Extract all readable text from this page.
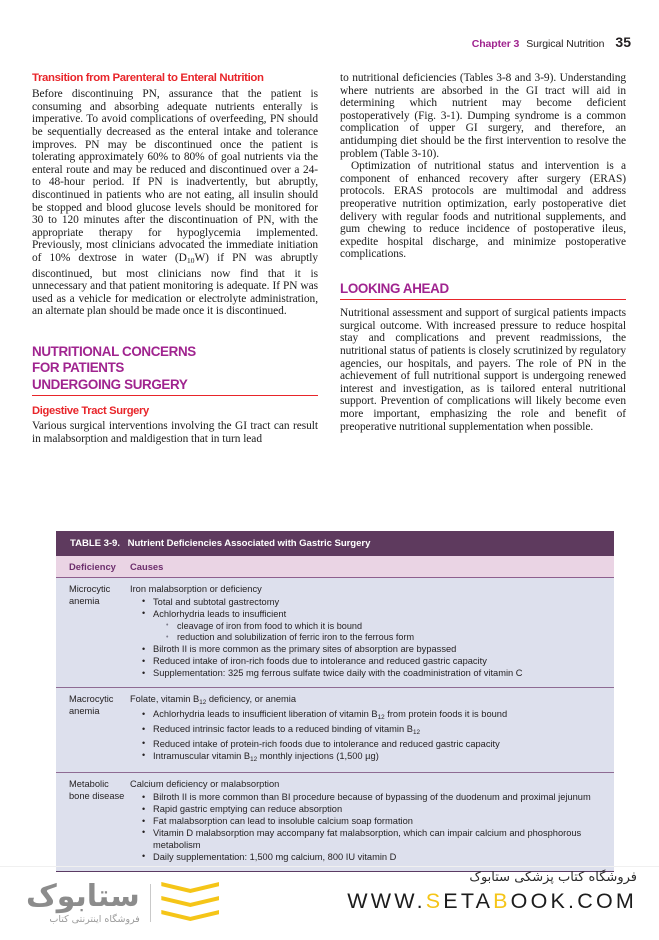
Chapter 3 Surgical Nutrition 35
Transition from Parenteral to Enteral Nutrition

Before discontinuing PN, assurance that the patient is consuming and absorbing adequate nutrients enterally is imperative. To avoid complications of overfeeding, PN should be sequentially decreased as the enteral intake and tolerance improves. PN may be discontinued once the patient is tolerating approximately 60% to 80% of goal nutrients via the enteral route and may be reduced and discontinued over a 24- to 48-hour period. If PN is inadvertently, but abruptly, discontinued in patients who are not eating, all insulin should be stopped and blood glucose levels should be monitored for 30 to 120 minutes after the discontinuation of PN, with the appropriate therapy for hypoglycemia implemented. Previously, most clinicians advocated the immediate initiation of 10% dextrose in water $(D_{10}W)$ if PN was abruptly discontinued, but most clinicians now find that it is unnecessary and that patient monitoring is adequate. If PN was used as a vehicle for medication or electrolyte administration, an alternate plan should be made once it is discontinued.

NUTRITIONAL CONCERNS
FOR PATIENTS
UNDERGOING SURGERY
Digestive Tract Surgery

Various surgical interventions involving the GI tract can result in malabsorption and maldigestion that in turn lead

to nutritional deficiencies (Tables 3-8 and 3-9). Understanding where nutrients are absorbed in the GI tract will aid in determining which nutrient may become deficient postoperatively (Fig. 3-1). Dumping syndrome is a common complication of upper GI surgery, and therefore, an antidumping diet should be the first intervention to resolve the problem (Table 3-10).

Optimization of nutritional status and intervention is a component of enhanced recovery after surgery (ERAS) protocols. ERAS protocols are multimodal and address preoperative nutrition optimization, early postoperative diet delivery with regular foods and nutritional supplements, and gum chewing to reduce incidence of postoperative ileus, expedite hospital discharge, and minimize postoperative complications.

LOOKING AHEAD

Nutritional assessment and support of surgical patients impacts surgical outcome. With increased pressure to reduce hospital stay and complications and prevent readmissions, the nutritional status of patients is closely scrutinized by regulatory agencies, our hospitals, and payers. The role of PN in the achievement of full nutritional support is undergoing renewed interest and investigation, as is tailored enteral nutritional support. Prevention of complications will likely become even more important, emphasizing the role and benefit of preoperative nutritional supplementation when possible.

TABLE 3-9. Nutrient Deficiencies Associated with Gastric Surgery
Deficiency	Causes
Microcytic anemia

Iron malabsorption or deficiency

• Total and subtotal gastrectomy
• Achlorhydria leads to insufficient
• cleavage of iron from food to which it is bound
• reduction and solubilization of ferric iron to the ferrous form
• Bilroth II is more common as the primary sites of absorption are bypassed
• Reduced intake of iron-rich foods due to intolerance and reduced gastric capacity
• Supplementation: 325 mg ferrous sulfate twice daily with the coadministration of vitamin C
Macrocytic anemia

Folate, vitamin $B_{12}$ deficiency, or anemia

• Achlorhydria leads to insufficient liberation of vitamin $B_{12}$ from protein foods it is bound
• Reduced intrinsic factor leads to a reduced binding of vitamin $B_{12}$
• Reduced intake of protein-rich foods due to intolerance and reduced gastric capacity
• Intramuscular vitamin $B_{12}$ monthly injections (1,500 µg)
Metabolic bone disease

Calcium deficiency or malabsorption

• Bilroth II is more common than BI procedure because of bypassing of the duodenum and proximal jejunum
• Rapid gastric emptying can reduce absorption
• Fat malabsorption can lead to insoluble calcium soap formation
• Vitamin D malabsorption may accompany fat malabsorption, which can impair calcium and phosphorous metabolism
• Daily supplementation: 1,500 mg calcium, 800 IU vitamin D
ستابوک
فروشگاه اینترنتی کتاب
فروشگاه کتاب پزشکی ستابوک
WWW.SETABOOK.COM
